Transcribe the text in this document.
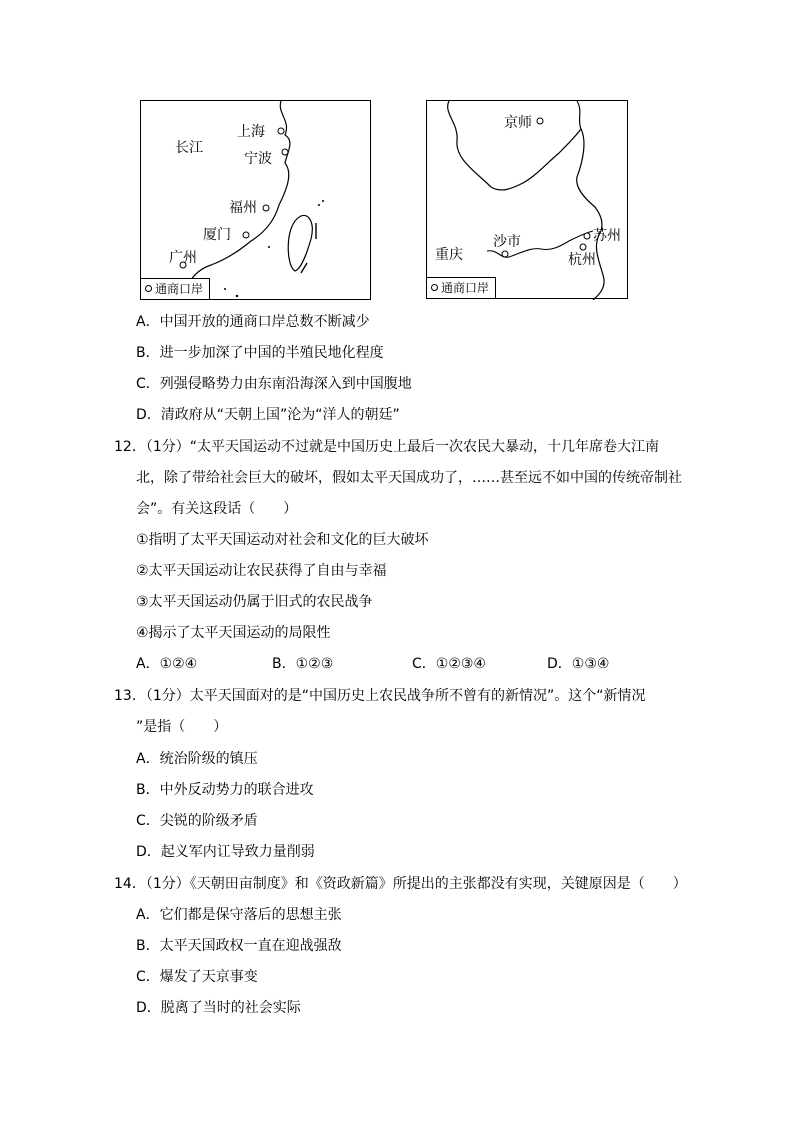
长江
上海
宁波
福州
厦门
广州
通商口岸
京师
重庆
沙市	苏州
杭州
通商口岸
A．中国开放的通商口岸总数不断减少
B．进一步加深了中国的半殖民地化程度
C．列强侵略势力由东南沿海深入到中国腹地
D．清政府从“天朝上国”沦为“洋人的朝廷”
12．（1分）“太平天国运动不过就是中国历史上最后一次农民大暴动，十几年席卷大江南
北，除了带给社会巨大的破坏，假如太平天国成功了，……甚至远不如中国的传统帝制社
会”。有关这段话（　　）
①指明了太平天国运动对社会和文化的巨大破坏
②太平天国运动让农民获得了自由与幸福
③太平天国运动仍属于旧式的农民战争
④揭示了太平天国运动的局限性
A．①②④	B．①②③	C．①②③④	D．①③④
13．（1分）太平天国面对的是“中国历史上农民战争所不曾有的新情况”。这个“新情况
”是指（　　）
A．统治阶级的镇压
B．中外反动势力的联合进攻
C．尖锐的阶级矛盾
D．起义军内讧导致力量削弱
14．（1分）《天朝田亩制度》和《资政新篇》所提出的主张都没有实现，关键原因是（　　）
A．它们都是保守落后的思想主张
B．太平天国政权一直在迎战强敌
C．爆发了天京事变
D．脱离了当时的社会实际
